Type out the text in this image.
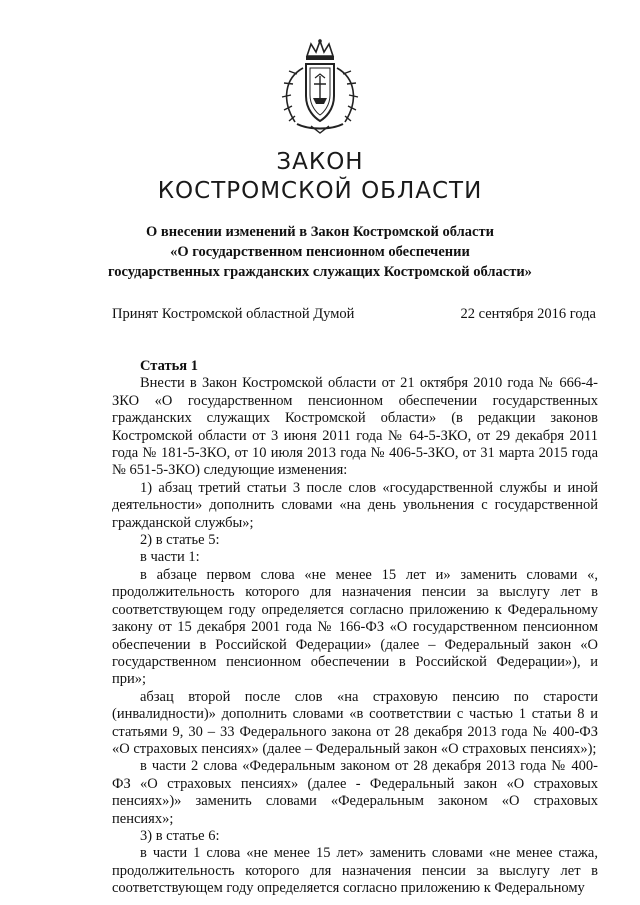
ЗАКОН
КОСТРОМСКОЙ ОБЛАСТИ
О внесении изменений в Закон Костромской области
«О государственном пенсионном обеспечении
государственных гражданских служащих Костромской области»
Принят Костромской областной Думой	22 сентября 2016 года

Статья 1

Внести в Закон Костромской области от 21 октября 2010 года № 666-4-ЗКО «О государственном пенсионном обеспечении государственных гражданских служащих Костромской области» (в редакции законов Костромской области от 3 июня 2011 года № 64-5-ЗКО, от 29 декабря 2011 года № 181-5-ЗКО, от 10 июля 2013 года № 406-5-ЗКО, от 31 марта 2015 года № 651-5-ЗКО) следующие изменения:

1) абзац третий статьи 3 после слов «государственной службы и иной деятельности» дополнить словами «на день увольнения с государственной гражданской службы»;

2) в статье 5:

в части 1:

в абзаце первом слова «не менее 15 лет и» заменить словами «, продолжительность которого для назначения пенсии за выслугу лет в соответствующем году определяется согласно приложению к Федеральному закону от 15 декабря 2001 года № 166-ФЗ «О государственном пенсионном обеспечении в Российской Федерации» (далее – Федеральный закон «О государственном пенсионном обеспечении в Российской Федерации»), и при»;

абзац второй после слов «на страховую пенсию по старости (инвалидности)» дополнить словами «в соответствии с частью 1 статьи 8 и статьями 9, 30 – 33 Федерального закона от 28 декабря 2013 года № 400-ФЗ «О страховых пенсиях» (далее – Федеральный закон «О страховых пенсиях»);

в части 2 слова «Федеральным законом от 28 декабря 2013 года № 400-ФЗ «О страховых пенсиях» (далее - Федеральный закон «О страховых пенсиях»)» заменить словами «Федеральным законом «О страховых пенсиях»;

3) в статье 6:

в части 1 слова «не менее 15 лет» заменить словами «не менее стажа, продолжительность которого для назначения пенсии за выслугу лет в соответствующем году определяется согласно приложению к Федеральному
